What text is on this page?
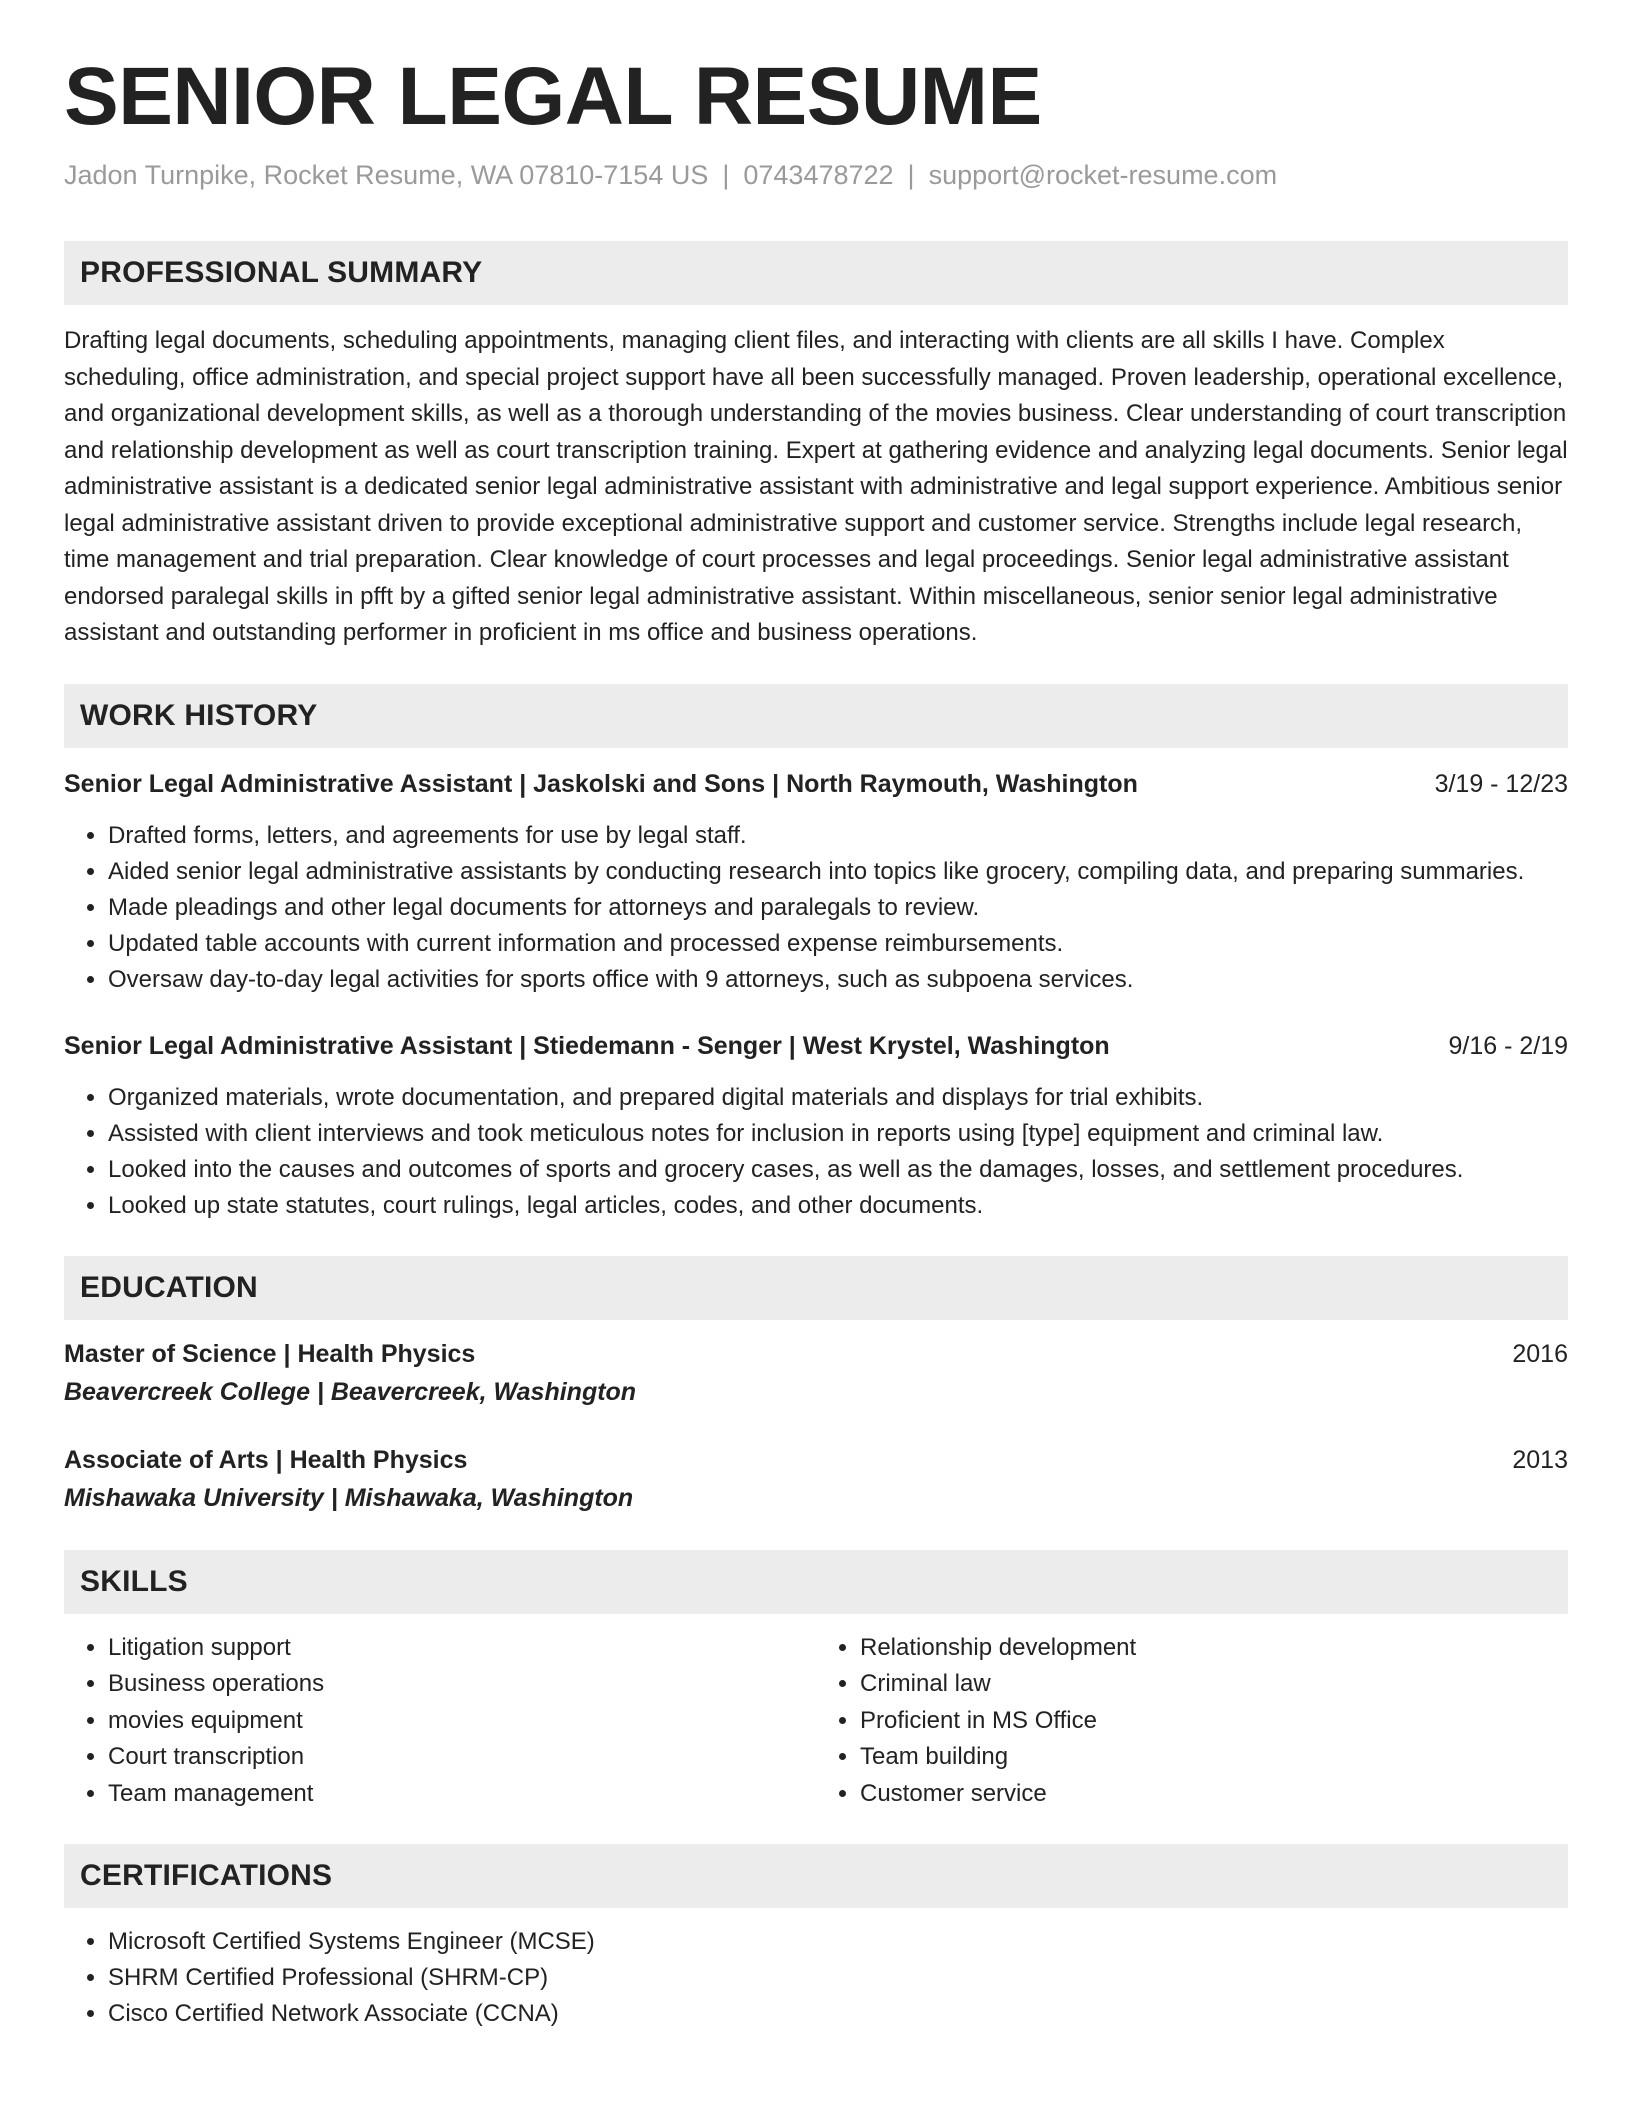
SENIOR LEGAL RESUME
Jadon Turnpike, Rocket Resume, WA 07810-7154 US | 0743478722 | support@rocket-resume.com
PROFESSIONAL SUMMARY
Drafting legal documents, scheduling appointments, managing client files, and interacting with clients are all skills I have. Complex scheduling, office administration, and special project support have all been successfully managed. Proven leadership, operational excellence, and organizational development skills, as well as a thorough understanding of the movies business. Clear understanding of court transcription and relationship development as well as court transcription training. Expert at gathering evidence and analyzing legal documents. Senior legal administrative assistant is a dedicated senior legal administrative assistant with administrative and legal support experience. Ambitious senior legal administrative assistant driven to provide exceptional administrative support and customer service. Strengths include legal research, time management and trial preparation. Clear knowledge of court processes and legal proceedings. Senior legal administrative assistant endorsed paralegal skills in pfft by a gifted senior legal administrative assistant. Within miscellaneous, senior senior legal administrative assistant and outstanding performer in proficient in ms office and business operations.
WORK HISTORY
Senior Legal Administrative Assistant | Jaskolski and Sons | North Raymouth, Washington	3/19 - 12/23
• Drafted forms, letters, and agreements for use by legal staff.
• Aided senior legal administrative assistants by conducting research into topics like grocery, compiling data, and preparing summaries.
• Made pleadings and other legal documents for attorneys and paralegals to review.
• Updated table accounts with current information and processed expense reimbursements.
• Oversaw day-to-day legal activities for sports office with 9 attorneys, such as subpoena services.
Senior Legal Administrative Assistant | Stiedemann - Senger | West Krystel, Washington	9/16 - 2/19
• Organized materials, wrote documentation, and prepared digital materials and displays for trial exhibits.
• Assisted with client interviews and took meticulous notes for inclusion in reports using [type] equipment and criminal law.
• Looked into the causes and outcomes of sports and grocery cases, as well as the damages, losses, and settlement procedures.
• Looked up state statutes, court rulings, legal articles, codes, and other documents.
EDUCATION
Master of Science | Health Physics	2016
Beavercreek College | Beavercreek, Washington
Associate of Arts | Health Physics	2013
Mishawaka University | Mishawaka, Washington
SKILLS
• Litigation support
• Business operations
• movies equipment
• Court transcription
• Team management
• Relationship development
• Criminal law
• Proficient in MS Office
• Team building
• Customer service
CERTIFICATIONS
• Microsoft Certified Systems Engineer (MCSE)
• SHRM Certified Professional (SHRM-CP)
• Cisco Certified Network Associate (CCNA)
